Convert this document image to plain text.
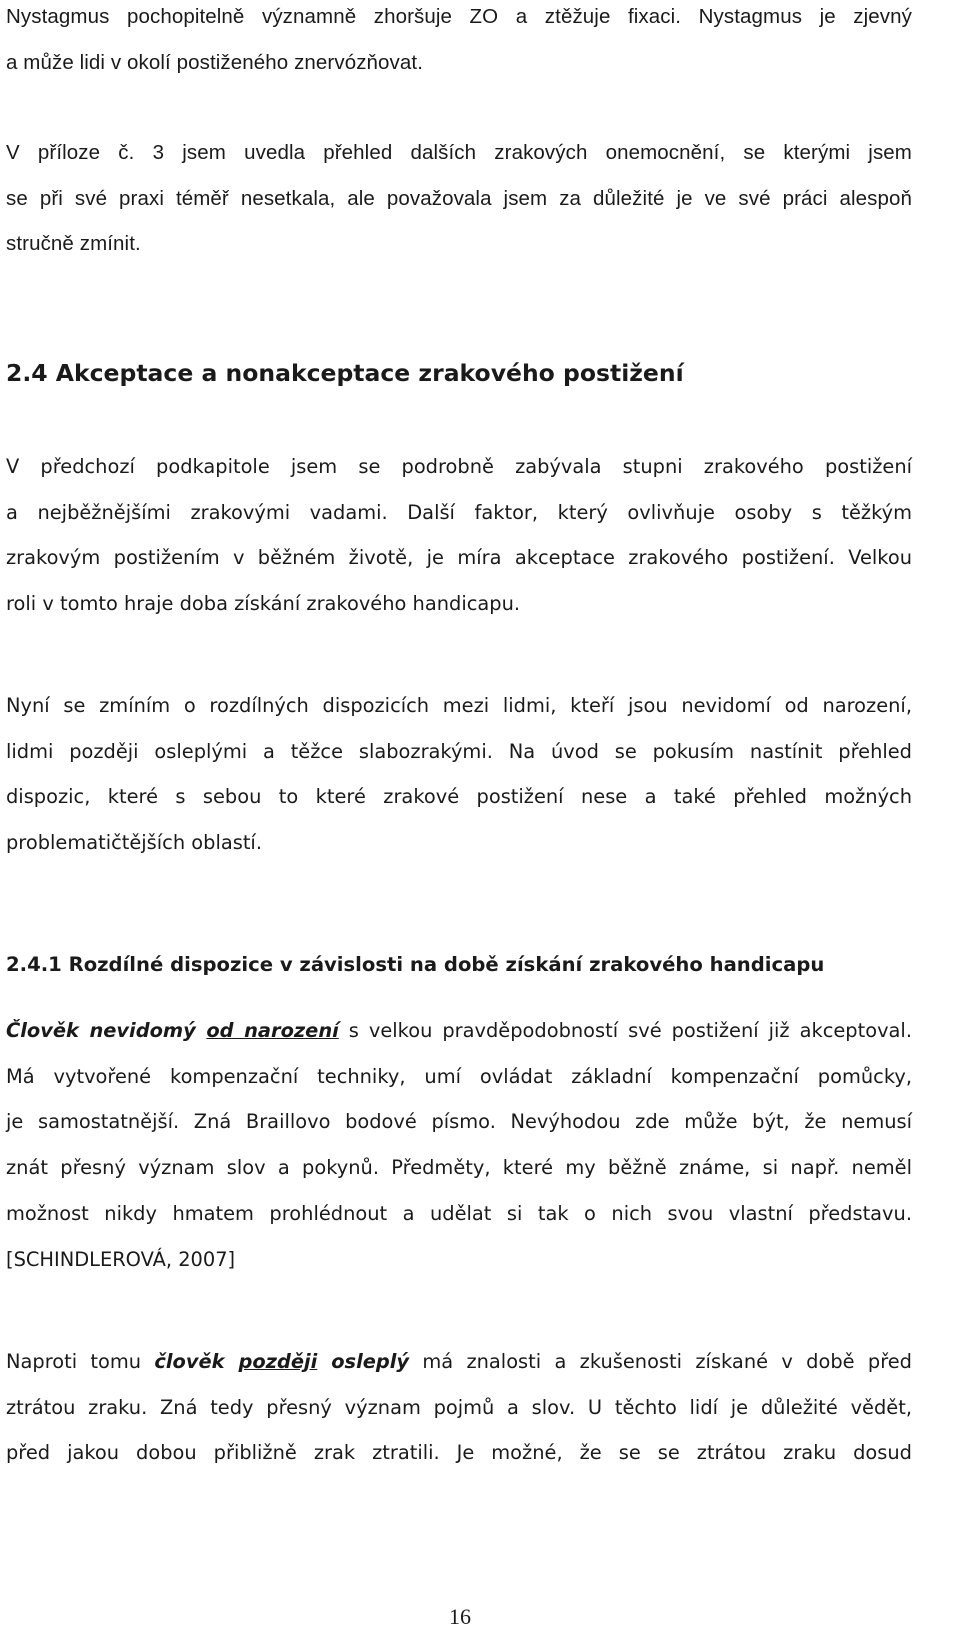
Nystagmus pochopitelně významně zhoršuje ZO a ztěžuje fixaci. Nystagmus je zjevný
a může lidi v okolí postiženého znervózňovat.
V příloze č. 3 jsem uvedla přehled dalších zrakových onemocnění, se kterými jsem
se při své praxi téměř nesetkala, ale považovala jsem za důležité je ve své práci alespoň
stručně zmínit.
2.4 Akceptace a nonakceptace zrakového postižení
V předchozí podkapitole jsem se podrobně zabývala stupni zrakového postižení
a nejběžnějšími zrakovými vadami. Další faktor, který ovlivňuje osoby s těžkým
zrakovým postižením v běžném životě, je míra akceptace zrakového postižení. Velkou
roli v tomto hraje doba získání zrakového handicapu.
Nyní se zmíním o rozdílných dispozicích mezi lidmi, kteří jsou nevidomí od narození,
lidmi později osleplými a těžce slabozrakými. Na úvod se pokusím nastínit přehled
dispozic, které s sebou to které zrakové postižení nese a také přehled možných
problematičtějších oblastí.
2.4.1 Rozdílné dispozice v závislosti na době získání zrakového handicapu
Člověk nevidomý od narození s velkou pravděpodobností své postižení již akceptoval.
Má vytvořené kompenzační techniky, umí ovládat základní kompenzační pomůcky,
je samostatnější. Zná Braillovo bodové písmo. Nevýhodou zde může být, že nemusí
znát přesný význam slov a pokynů. Předměty, které my běžně známe, si např. neměl
možnost nikdy hmatem prohlédnout a udělat si tak o nich svou vlastní představu.
[SCHINDLEROVÁ, 2007]
Naproti tomu člověk později osleplý má znalosti a zkušenosti získané v době před
ztrátou zraku. Zná tedy přesný význam pojmů a slov. U těchto lidí je důležité vědět,
před jakou dobou přibližně zrak ztratili. Je možné, že se se ztrátou zraku dosud
16
